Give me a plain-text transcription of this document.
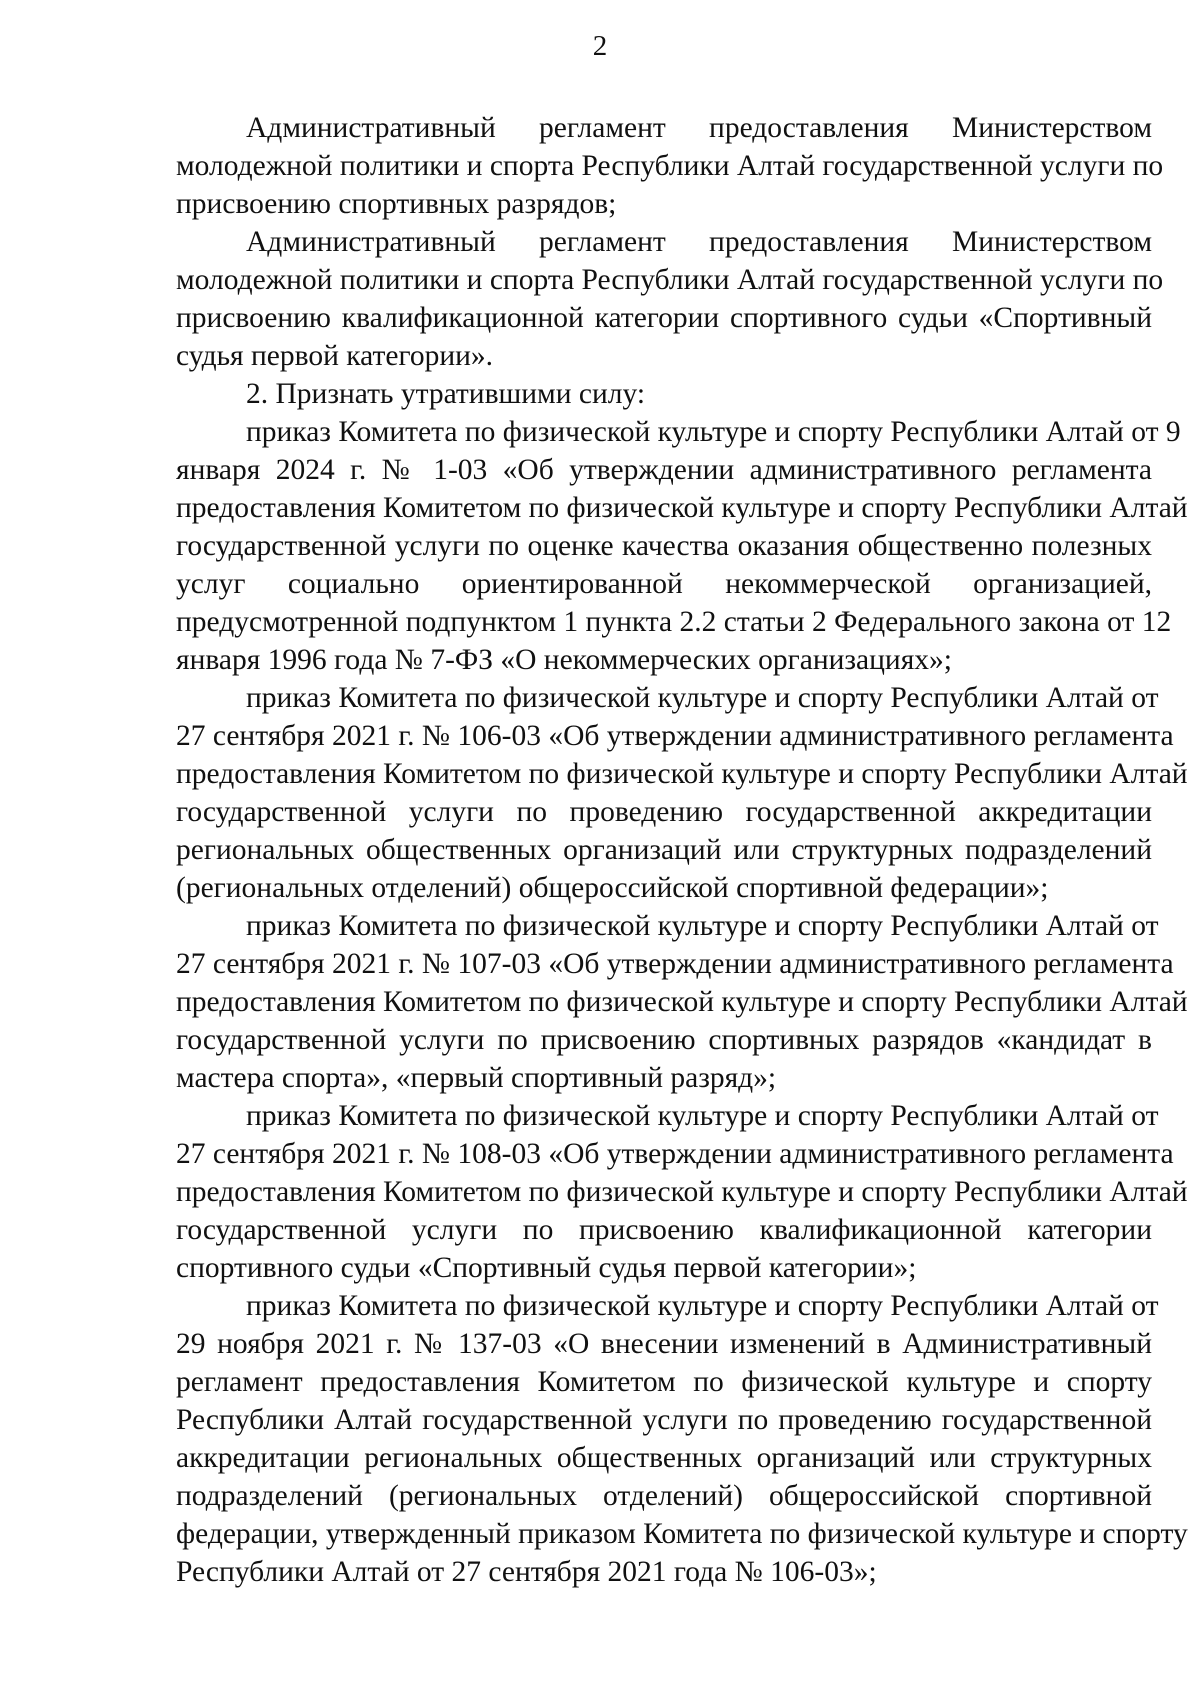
2
Административный регламент предоставления Министерством
молодежной политики и спорта Республики Алтай государственной услуги по
присвоению спортивных разрядов;
Административный регламент предоставления Министерством
молодежной политики и спорта Республики Алтай государственной услуги по
присвоению квалификационной категории спортивного судьи «Спортивный
судья первой категории».
2. Признать утратившими силу:
приказ Комитета по физической культуре и спорту Республики Алтай от 9
января 2024 г. № 1-03 «Об утверждении административного регламента
предоставления Комитетом по физической культуре и спорту Республики Алтай
государственной услуги по оценке качества оказания общественно полезных
услуг социально ориентированной некоммерческой организацией,
предусмотренной подпунктом 1 пункта 2.2 статьи 2 Федерального закона от 12
января 1996 года № 7-ФЗ «О некоммерческих организациях»;
приказ Комитета по физической культуре и спорту Республики Алтай от
27 сентября 2021 г. № 106-03 «Об утверждении административного регламента
предоставления Комитетом по физической культуре и спорту Республики Алтай
государственной услуги по проведению государственной аккредитации
региональных общественных организаций или структурных подразделений
(региональных отделений) общероссийской спортивной федерации»;
приказ Комитета по физической культуре и спорту Республики Алтай от
27 сентября 2021 г. № 107-03 «Об утверждении административного регламента
предоставления Комитетом по физической культуре и спорту Республики Алтай
государственной услуги по присвоению спортивных разрядов «кандидат в
мастера спорта», «первый спортивный разряд»;
приказ Комитета по физической культуре и спорту Республики Алтай от
27 сентября 2021 г. № 108-03 «Об утверждении административного регламента
предоставления Комитетом по физической культуре и спорту Республики Алтай
государственной услуги по присвоению квалификационной категории
спортивного судьи «Спортивный судья первой категории»;
приказ Комитета по физической культуре и спорту Республики Алтай от
29 ноября 2021 г. № 137-03 «О внесении изменений в Административный
регламент предоставления Комитетом по физической культуре и спорту
Республики Алтай государственной услуги по проведению государственной
аккредитации региональных общественных организаций или структурных
подразделений (региональных отделений) общероссийской спортивной
федерации, утвержденный приказом Комитета по физической культуре и спорту
Республики Алтай от 27 сентября 2021 года № 106-03»;
